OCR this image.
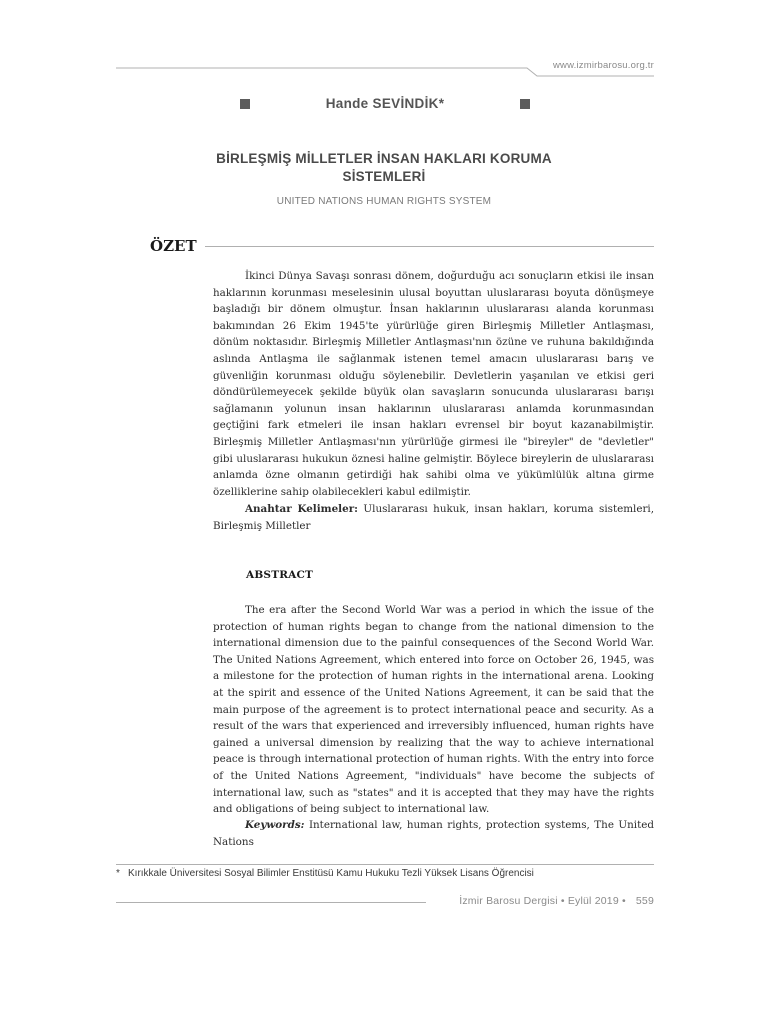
www.izmirbarosu.org.tr
Hande SEVİNDİK*
BİRLEŞMİŞ MİLLETLER İNSAN HAKLARI KORUMA
SİSTEMLERİ
UNITED NATIONS HUMAN RIGHTS SYSTEM
ÖZET

İkinci Dünya Savaşı sonrası dönem, doğurduğu acı sonuçların etkisi ile insan haklarının korunması meselesinin ulusal boyuttan uluslararası boyuta dönüşmeye başladığı bir dönem olmuştur. İnsan haklarının uluslararası alanda korunması bakımından 26 Ekim 1945'te yürürlüğe giren Birleşmiş Milletler Antlaşması, dönüm noktasıdır. Birleşmiş Milletler Antlaşması'nın özüne ve ruhuna bakıldığında aslında Antlaşma ile sağlanmak istenen temel amacın uluslararası barış ve güvenliğin korunması olduğu söylenebilir. Devletlerin yaşanılan ve etkisi geri döndürülemeyecek şekilde büyük olan savaşların sonucunda uluslararası barışı sağlamanın yolunun insan haklarının uluslararası anlamda korunmasından geçtiğini fark etmeleri ile insan hakları evrensel bir boyut kazanabilmiştir. Birleşmiş Milletler Antlaşması'nın yürürlüğe girmesi ile "bireyler" de "devletler" gibi uluslararası hukukun öznesi haline gelmiştir. Böylece bireylerin de uluslararası anlamda özne olmanın getirdiği hak sahibi olma ve yükümlülük altına girme özelliklerine sahip olabilecekleri kabul edilmiştir.

Anahtar Kelimeler: Uluslararası hukuk, insan hakları, koruma sistemleri, Birleşmiş Milletler

ABSTRACT

The era after the Second World War was a period in which the issue of the protection of human rights began to change from the national dimension to the international dimension due to the painful consequences of the Second World War. The United Nations Agreement, which entered into force on October 26, 1945, was a milestone for the protection of human rights in the international arena. Looking at the spirit and essence of the United Nations Agreement, it can be said that the main purpose of the agreement is to protect international peace and security. As a result of the wars that experienced and irreversibly influenced, human rights have gained a universal dimension by realizing that the way to achieve international peace is through international protection of human rights. With the entry into force of the United Nations Agreement, "individuals" have become the subjects of international law, such as "states" and it is accepted that they may have the rights and obligations of being subject to international law.

Keywords: International law, human rights, protection systems, The United Nations

* Kırıkkale Üniversitesi Sosyal Bilimler Enstitüsü Kamu Hukuku Tezli Yüksek Lisans Öğrencisi
İzmir Barosu Dergisi • Eylül 2019 • 559
